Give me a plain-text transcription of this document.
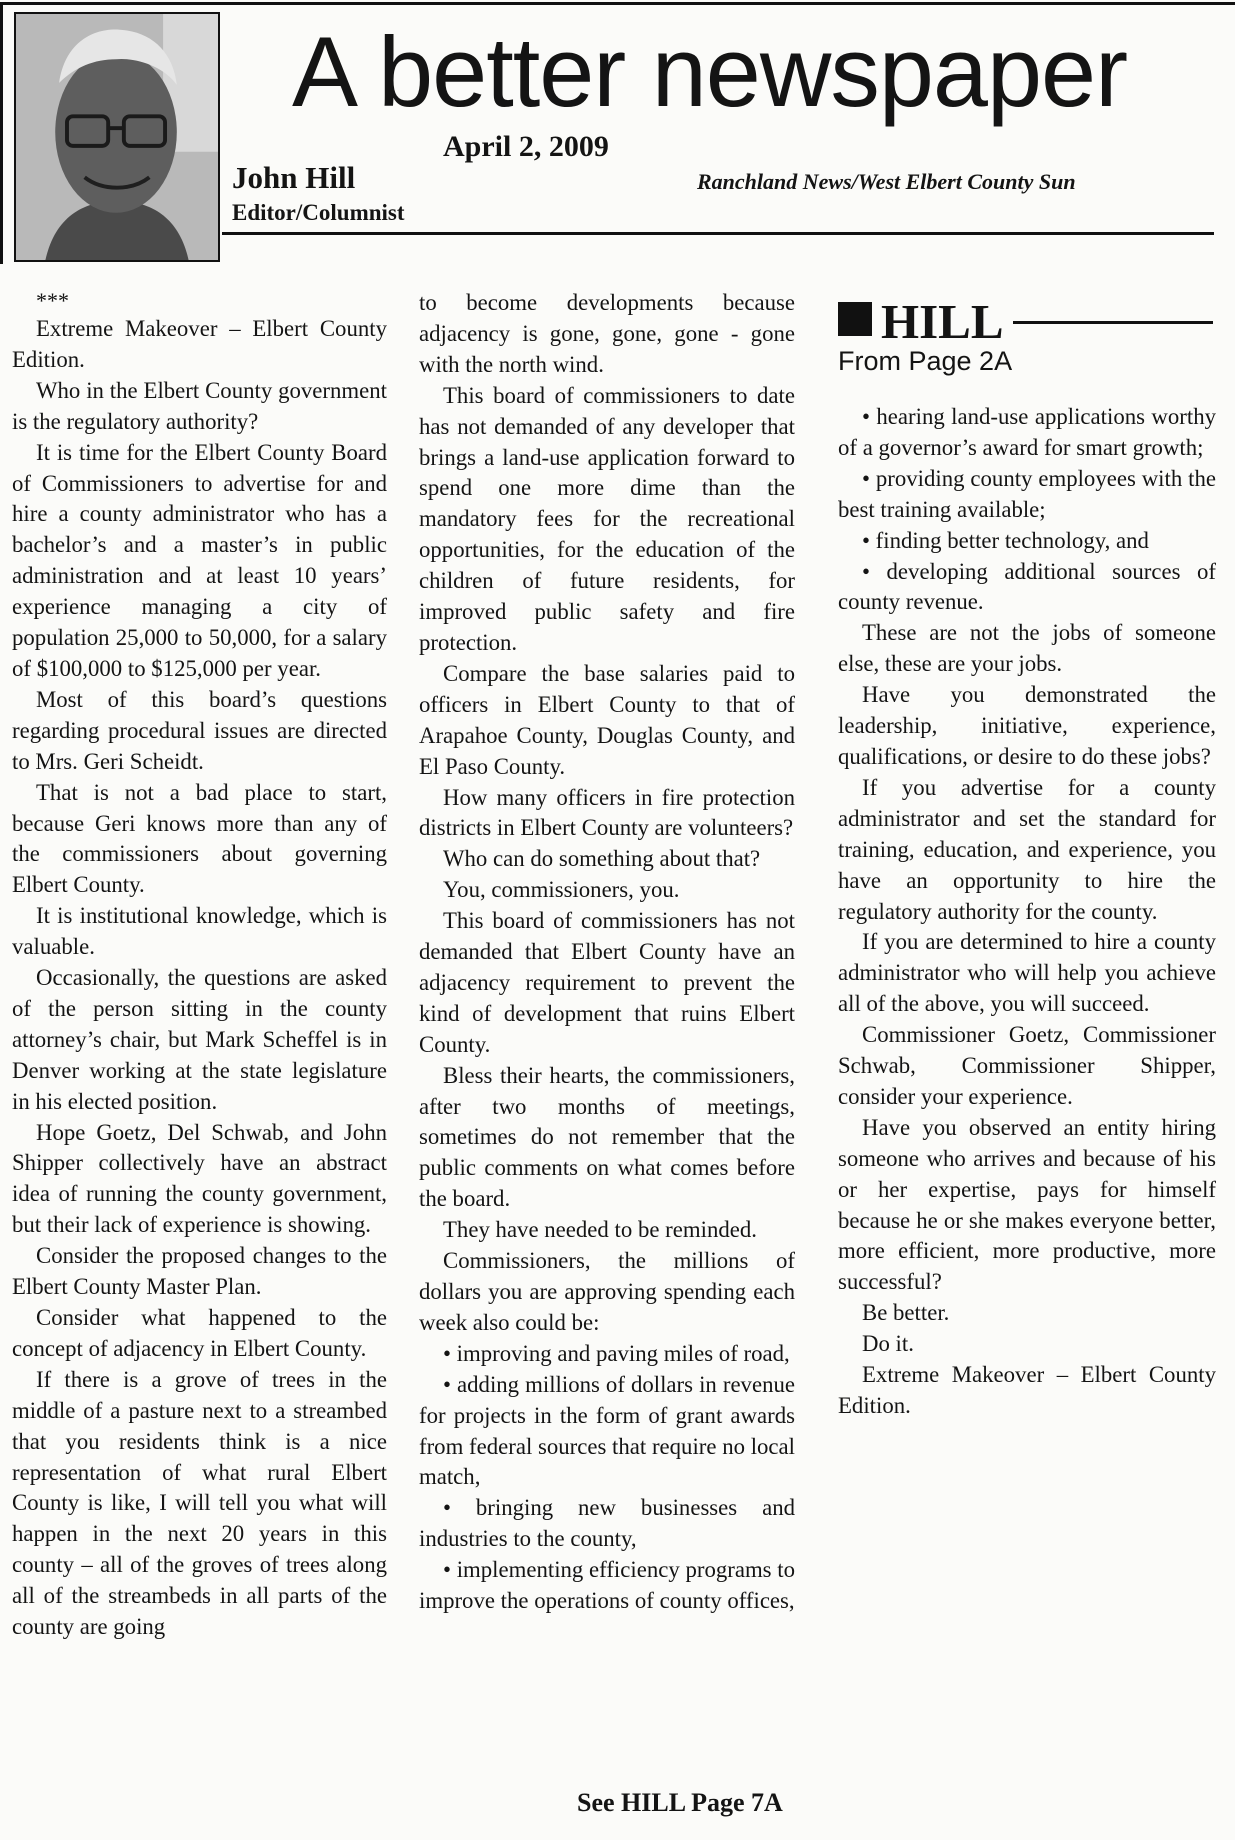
A better newspaper
April 2, 2009
John Hill
Editor/Columnist
Ranchland News/West Elbert County Sun

***

Extreme Makeover – Elbert County Edition.

Who in the Elbert County government is the regulatory authority?

It is time for the Elbert County Board of Commissioners to advertise for and hire a county administrator who has a bachelor’s and a master’s in public administration and at least 10 years’ experience managing a city of population 25,000 to 50,000, for a salary of $100,000 to $125,000 per year.

Most of this board’s questions regarding procedural issues are directed to Mrs. Geri Scheidt.

That is not a bad place to start, because Geri knows more than any of the commissioners about governing Elbert County.

It is institutional knowledge, which is valuable.

Occasionally, the questions are asked of the person sitting in the county attorney’s chair, but Mark Scheffel is in Denver working at the state legislature in his elected position.

Hope Goetz, Del Schwab, and John Shipper collectively have an abstract idea of running the county government, but their lack of experience is showing.

Consider the proposed changes to the Elbert County Master Plan.

Consider what happened to the concept of adjacency in Elbert County.

If there is a grove of trees in the middle of a pasture next to a streambed that you residents think is a nice representation of what rural Elbert County is like, I will tell you what will happen in the next 20 years in this county – all of the groves of trees along all of the streambeds in all parts of the county are going

to become developments because adjacency is gone, gone, gone - gone with the north wind.

This board of commissioners to date has not demanded of any developer that brings a land-use application forward to spend one more dime than the mandatory fees for the recreational opportunities, for the education of the children of future residents, for improved public safety and fire protection.

Compare the base salaries paid to officers in Elbert County to that of Arapahoe County, Douglas County, and El Paso County.

How many officers in fire protection districts in Elbert County are volunteers?

Who can do something about that?

You, commissioners, you.

This board of commissioners has not demanded that Elbert County have an adjacency requirement to prevent the kind of development that ruins Elbert County.

Bless their hearts, the commissioners, after two months of meetings, sometimes do not remember that the public comments on what comes before the board.

They have needed to be reminded.

Commissioners, the millions of dollars you are approving spending each week also could be:

• improving and paving miles of road,

• adding millions of dollars in revenue for projects in the form of grant awards from federal sources that require no local match,

• bringing new businesses and industries to the county,

• implementing efficiency programs to improve the operations of county offices,

See HILL Page 7A
HILL
From Page 2A

• hearing land-use applications worthy of a governor’s award for smart growth;

• providing county employees with the best training available;

• finding better technology, and

• developing additional sources of county revenue.

These are not the jobs of someone else, these are your jobs.

Have you demonstrated the leadership, initiative, experience, qualifications, or desire to do these jobs?

If you advertise for a county administrator and set the standard for training, education, and experience, you have an opportunity to hire the regulatory authority for the county.

If you are determined to hire a county administrator who will help you achieve all of the above, you will succeed.

Commissioner Goetz, Commissioner Schwab, Commissioner Shipper, consider your experience.

Have you observed an entity hiring someone who arrives and because of his or her expertise, pays for himself because he or she makes everyone better, more efficient, more productive, more successful?

Be better.

Do it.

Extreme Makeover – Elbert County Edition.
